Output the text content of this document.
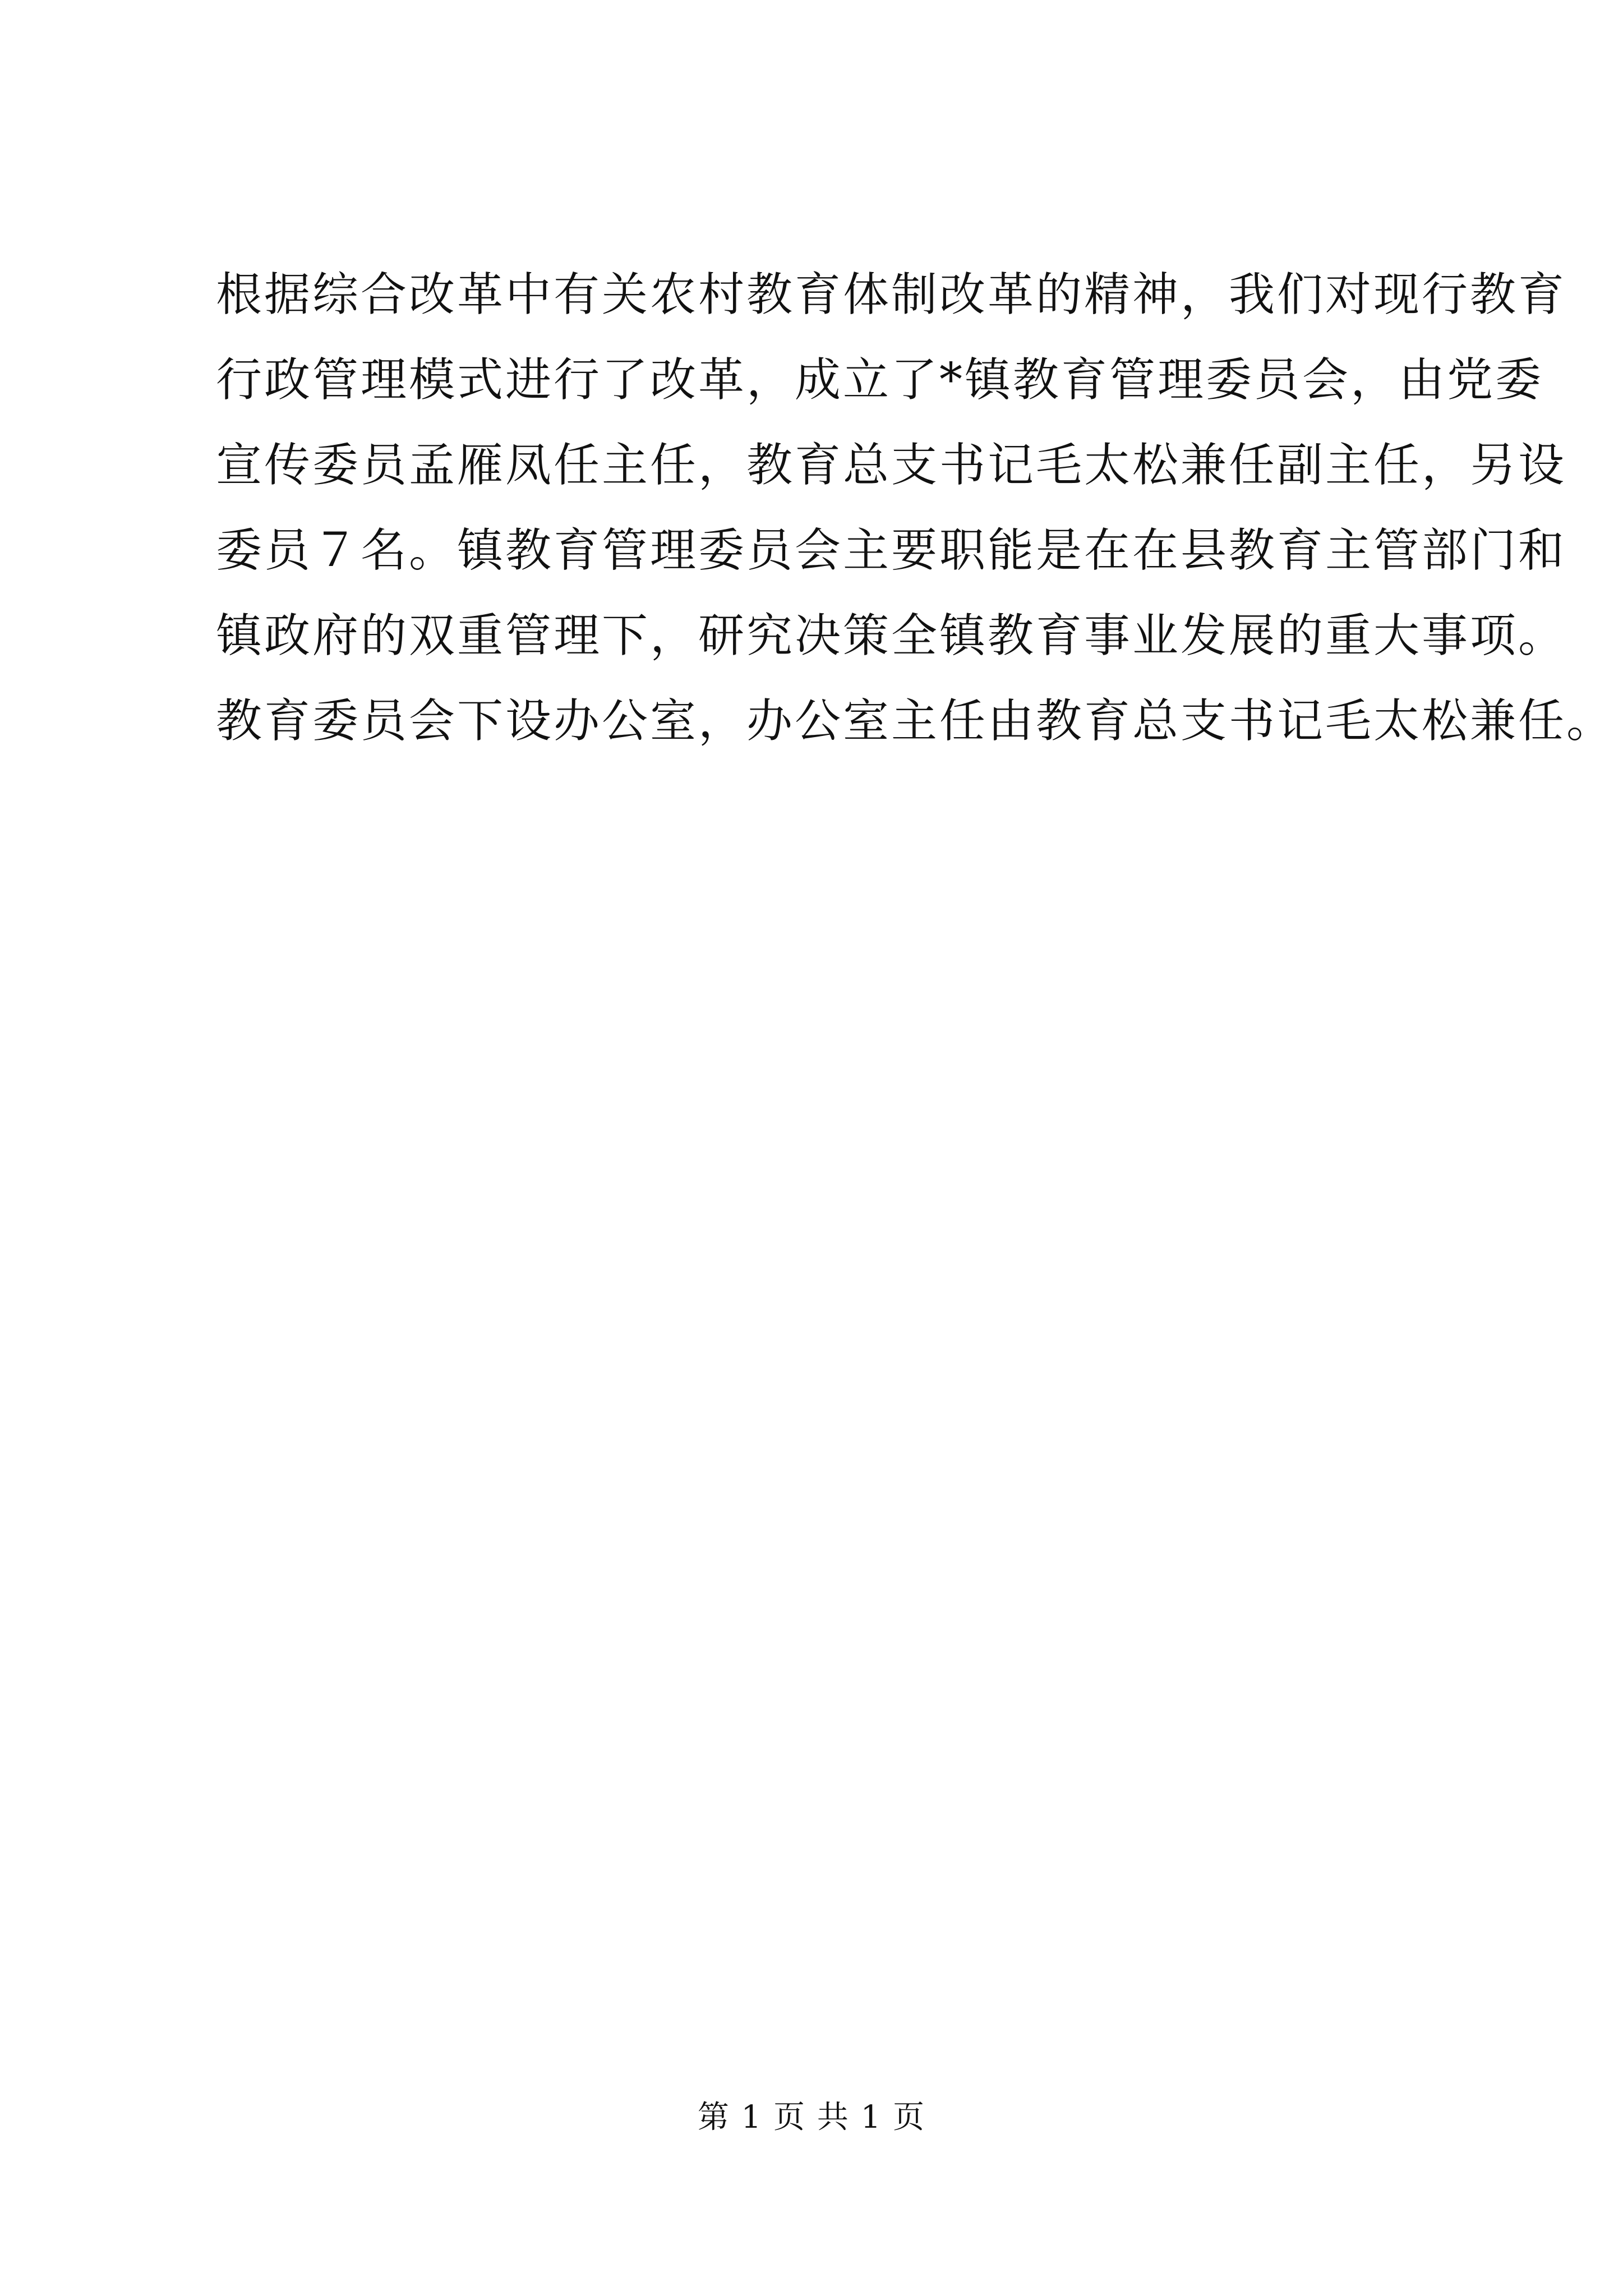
根据综合改革中有关农村教育体制改革的精神，我们对现行教育
行政管理模式进行了改革，成立了*镇教育管理委员会，由党委
宣传委员孟雁凤任主任，教育总支书记毛太松兼任副主任，另设
委员７名。镇教育管理委员会主要职能是在在县教育主管部门和
镇政府的双重管理下，研究决策全镇教育事业发展的重大事项。
教育委员会下设办公室，办公室主任由教育总支书记毛太松兼任。
第 1 页 共 1 页
